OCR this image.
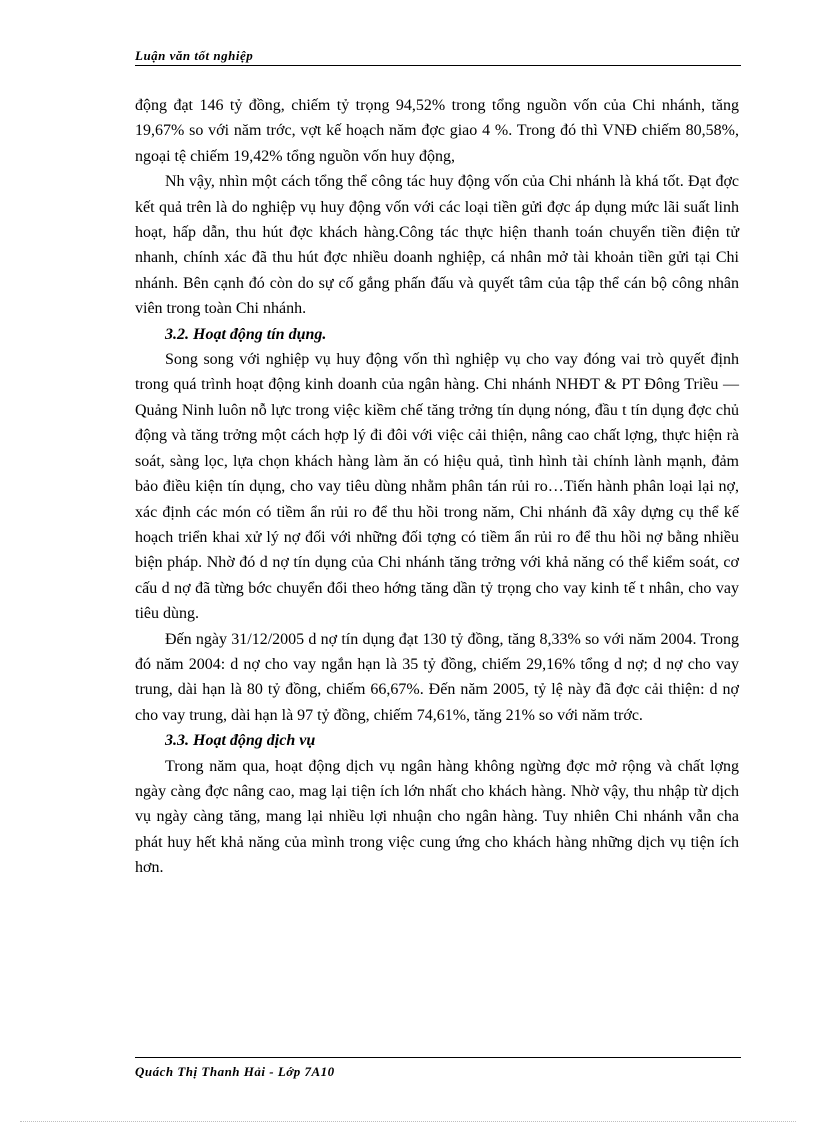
Luận văn tốt nghiệp

động đạt 146 tỷ đồng, chiếm tỷ trọng 94,52% trong tổng nguồn vốn của Chi nhánh, tăng 19,67% so với năm trớc, vợt kế hoạch năm đợc giao 4 %. Trong đó thì VNĐ chiếm 80,58%, ngoại tệ chiếm 19,42% tổng nguồn vốn huy động,

Nh vậy, nhìn một cách tổng thể công tác huy động vốn của Chi nhánh là khá tốt. Đạt đợc kết quả trên là do nghiệp vụ huy động vốn với các loại tiền gửi đợc áp dụng mức lãi suất linh hoạt, hấp dẫn, thu hút đợc khách hàng.Công tác thực hiện thanh toán chuyển tiền điện tử nhanh, chính xác đã thu hút đợc nhiều doanh nghiệp, cá nhân mở tài khoản tiền gửi tại Chi nhánh. Bên cạnh đó còn do sự cố gắng phấn đấu và quyết tâm của tập thể cán bộ công nhân viên trong toàn Chi nhánh.

3.2. Hoạt động tín dụng.

Song song với nghiệp vụ huy động vốn thì nghiệp vụ cho vay đóng vai trò quyết định trong quá trình hoạt động kinh doanh của ngân hàng. Chi nhánh NHĐT & PT Đông Triều — Quảng Ninh luôn nỗ lực trong việc kiềm chế tăng trởng tín dụng nóng, đầu t tín dụng đợc chủ động và tăng trởng một cách hợp lý đi đôi với việc cải thiện, nâng cao chất lợng, thực hiện rà soát, sàng lọc, lựa chọn khách hàng làm ăn có hiệu quả, tình hình tài chính lành mạnh, đảm bảo điều kiện tín dụng, cho vay tiêu dùng nhằm phân tán rủi ro…Tiến hành phân loại lại nợ, xác định các món có tiềm ẩn rủi ro để thu hồi trong năm, Chi nhánh đã xây dựng cụ thể kế hoạch triển khai xử lý nợ đối với những đối tợng có tiềm ẩn rủi ro để thu hồi nợ bằng nhiều biện pháp. Nhờ đó d nợ tín dụng của Chi nhánh tăng trởng với khả năng có thể kiểm soát, cơ cấu d nợ đã từng bớc chuyển đổi theo hớng tăng dần tỷ trọng cho vay kinh tế t nhân, cho vay tiêu dùng.

Đến ngày 31/12/2005 d nợ tín dụng đạt 130 tỷ đồng, tăng 8,33% so với năm 2004. Trong đó năm 2004: d nợ cho vay ngắn hạn là 35 tỷ đồng, chiếm 29,16% tổng d nợ; d nợ cho vay trung, dài hạn là 80 tỷ đồng, chiếm 66,67%. Đến năm 2005, tỷ lệ này đã đợc cải thiện: d nợ cho vay trung, dài hạn là 97 tỷ đồng, chiếm 74,61%, tăng 21% so với năm trớc.

3.3. Hoạt động dịch vụ

Trong năm qua, hoạt động dịch vụ ngân hàng không ngừng đợc mở rộng và chất lợng ngày càng đợc nâng cao, mag lại tiện ích lớn nhất cho khách hàng. Nhờ vậy, thu nhập từ dịch vụ ngày càng tăng, mang lại nhiều lợi nhuận cho ngân hàng. Tuy nhiên Chi nhánh vẫn cha phát huy hết khả năng của mình trong việc cung ứng cho khách hàng những dịch vụ tiện ích hơn.

Quách Thị Thanh Hải - Lớp 7A10
